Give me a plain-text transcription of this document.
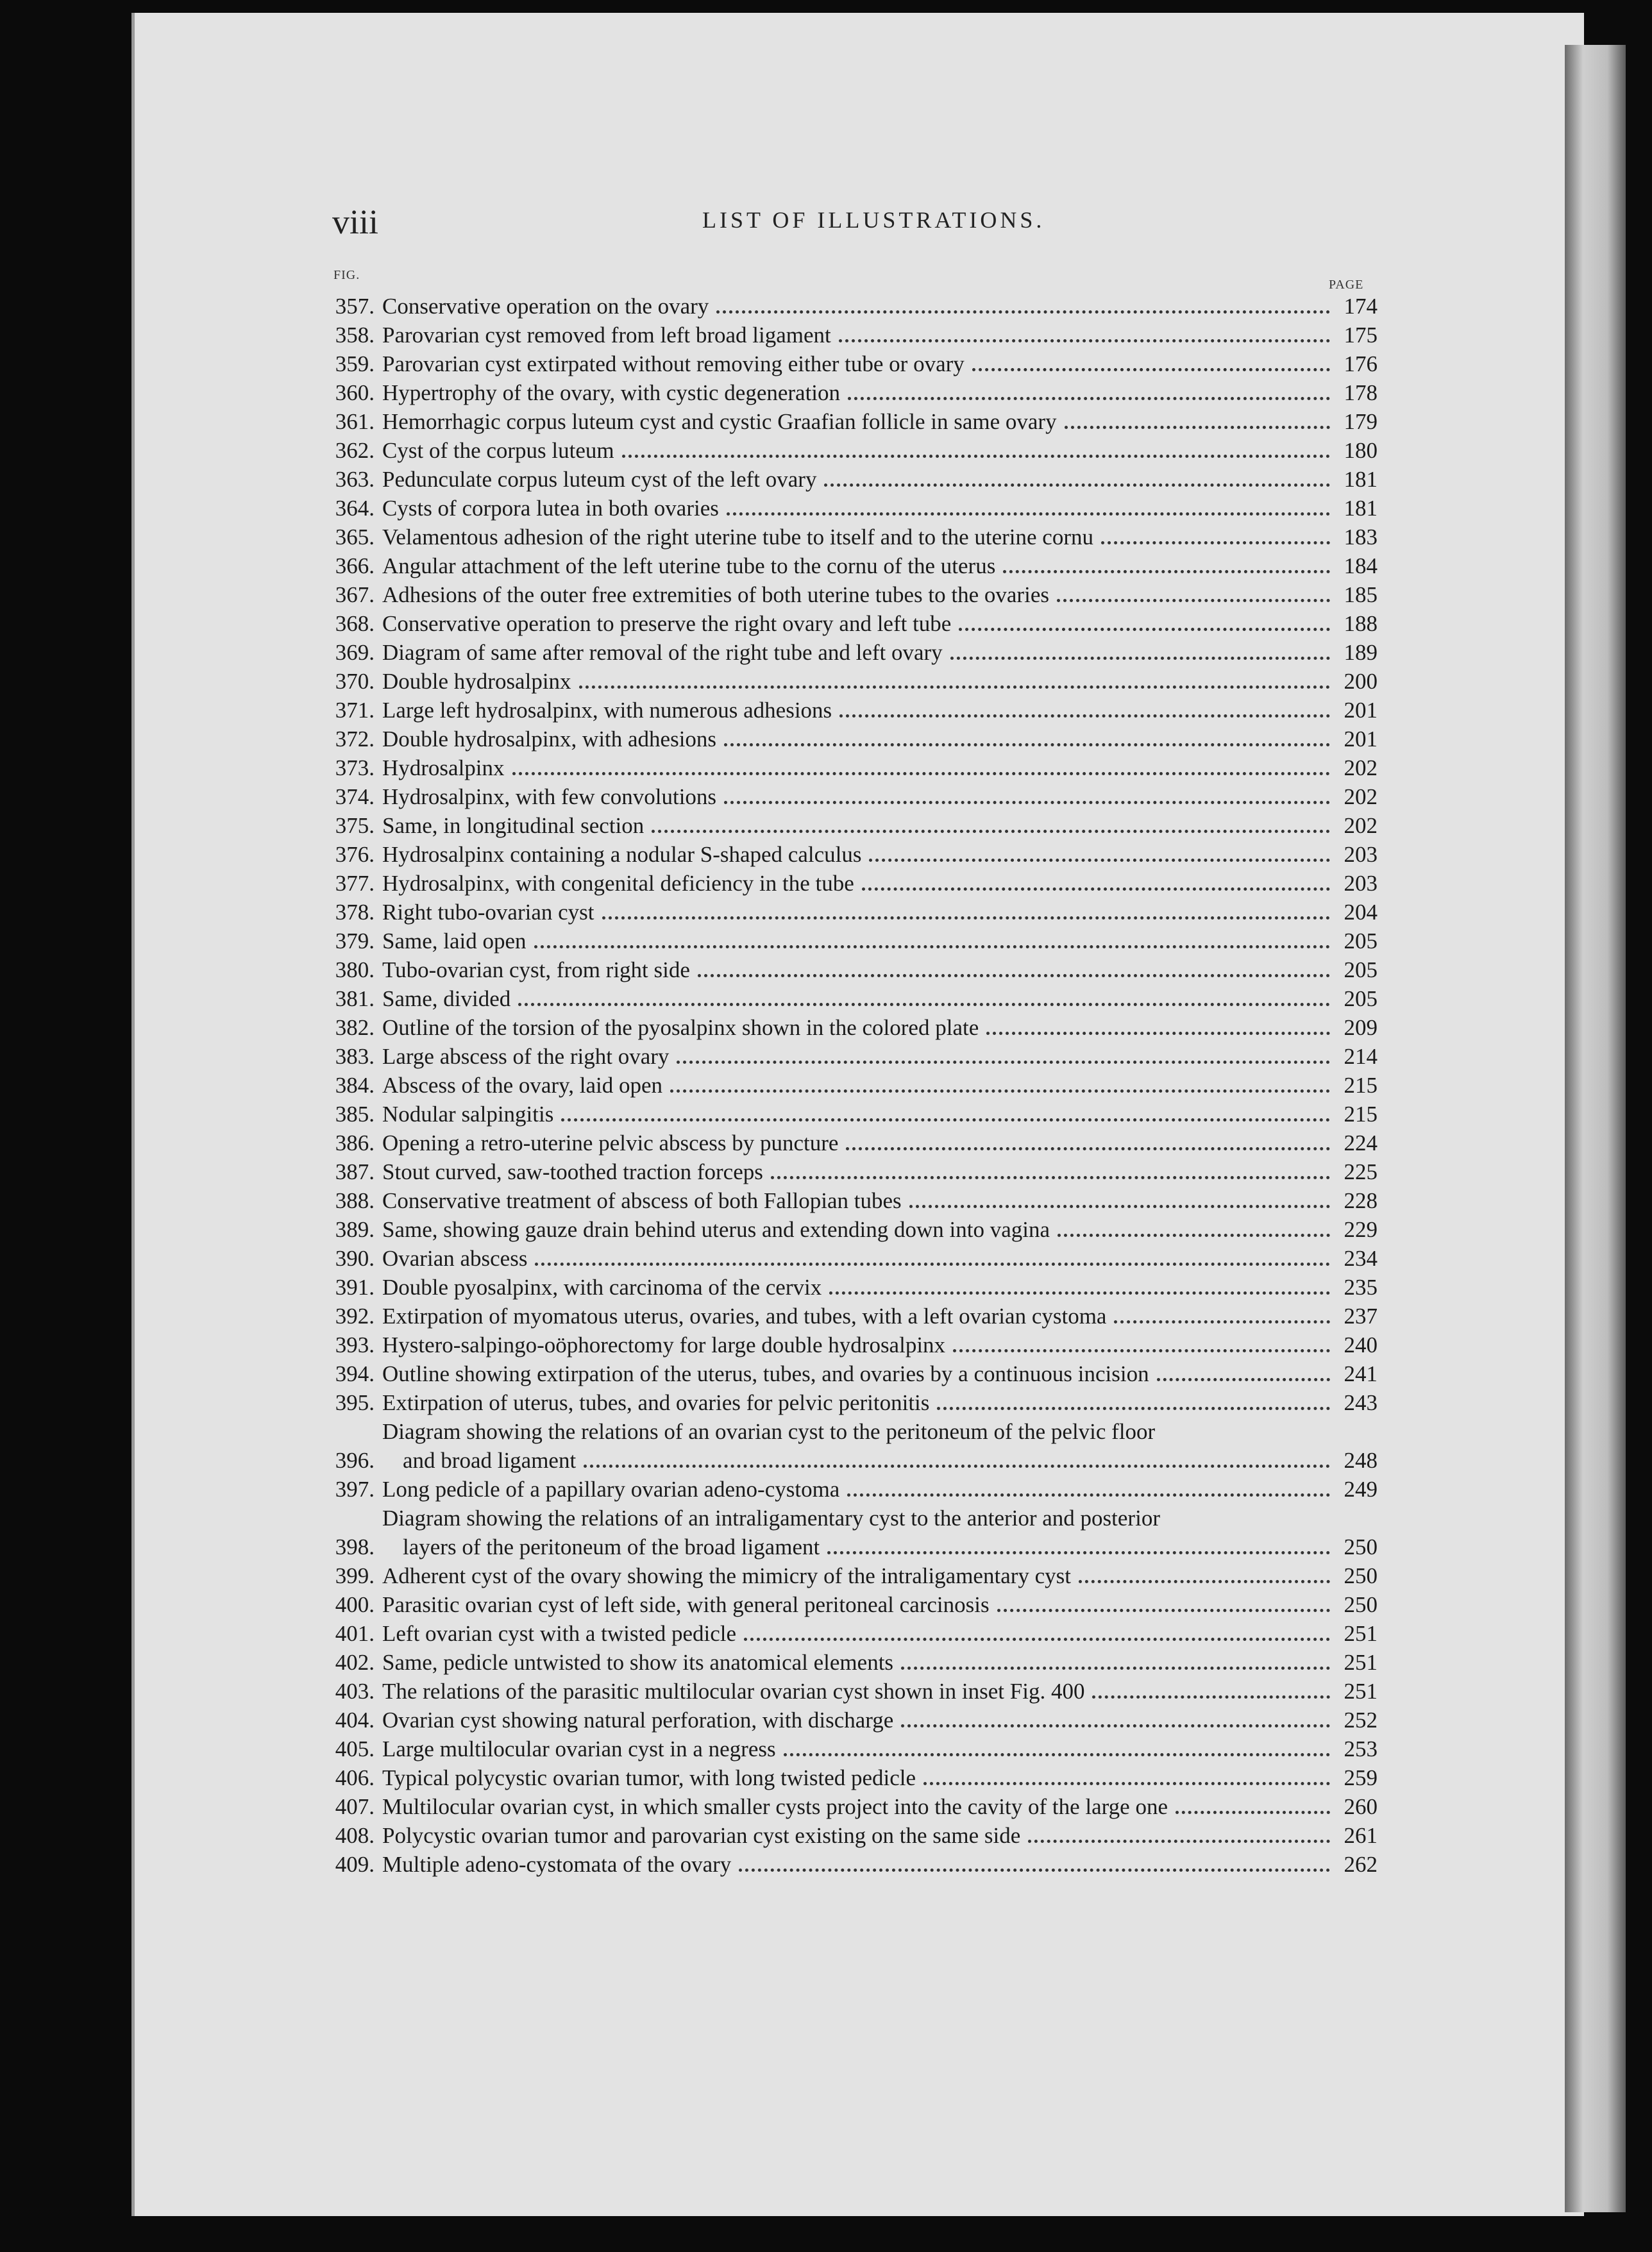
viii	LIST OF ILLUSTRATIONS.
FIG.
PAGE
357. Conservative operation on the ovary	174
358. Parovarian cyst removed from left broad ligament	175
359. Parovarian cyst extirpated without removing either tube or ovary	176
360. Hypertrophy of the ovary, with cystic degeneration	178
361. Hemorrhagic corpus luteum cyst and cystic Graafian follicle in same ovary	179
362. Cyst of the corpus luteum	180
363. Pedunculate corpus luteum cyst of the left ovary	181
364. Cysts of corpora lutea in both ovaries	181
365. Velamentous adhesion of the right uterine tube to itself and to the uterine cornu	183
366. Angular attachment of the left uterine tube to the cornu of the uterus	184
367. Adhesions of the outer free extremities of both uterine tubes to the ovaries	185
368. Conservative operation to preserve the right ovary and left tube	188
369. Diagram of same after removal of the right tube and left ovary	189
370. Double hydrosalpinx	200
371. Large left hydrosalpinx, with numerous adhesions	201
372. Double hydrosalpinx, with adhesions	201
373. Hydrosalpinx	202
374. Hydrosalpinx, with few convolutions	202
375. Same, in longitudinal section	202
376. Hydrosalpinx containing a nodular S-shaped calculus	203
377. Hydrosalpinx, with congenital deficiency in the tube	203
378. Right tubo-ovarian cyst	204
379. Same, laid open	205
380. Tubo-ovarian cyst, from right side	205
381. Same, divided	205
382. Outline of the torsion of the pyosalpinx shown in the colored plate	209
383. Large abscess of the right ovary	214
384. Abscess of the ovary, laid open	215
385. Nodular salpingitis	215
386. Opening a retro-uterine pelvic abscess by puncture	224
387. Stout curved, saw-toothed traction forceps	225
388. Conservative treatment of abscess of both Fallopian tubes	228
389. Same, showing gauze drain behind uterus and extending down into vagina	229
390. Ovarian abscess	234
391. Double pyosalpinx, with carcinoma of the cervix	235
392. Extirpation of myomatous uterus, ovaries, and tubes, with a left ovarian cystoma	237
393. Hystero-salpingo-oöphorectomy for large double hydrosalpinx	240
394. Outline showing extirpation of the uterus, tubes, and ovaries by a continuous incision	241
395. Extirpation of uterus, tubes, and ovaries for pelvic peritonitis	243
396.
Diagram showing the relations of an ovarian cyst to the peritoneum of the pelvic floor
and broad ligament	248
397. Long pedicle of a papillary ovarian adeno-cystoma	249
398.
Diagram showing the relations of an intraligamentary cyst to the anterior and posterior
layers of the peritoneum of the broad ligament	250
399. Adherent cyst of the ovary showing the mimicry of the intraligamentary cyst	250
400. Parasitic ovarian cyst of left side, with general peritoneal carcinosis	250
401. Left ovarian cyst with a twisted pedicle	251
402. Same, pedicle untwisted to show its anatomical elements	251
403. The relations of the parasitic multilocular ovarian cyst shown in inset Fig. 400	251
404. Ovarian cyst showing natural perforation, with discharge	252
405. Large multilocular ovarian cyst in a negress	253
406. Typical polycystic ovarian tumor, with long twisted pedicle	259
407. Multilocular ovarian cyst, in which smaller cysts project into the cavity of the large one	260
408. Polycystic ovarian tumor and parovarian cyst existing on the same side	261
409. Multiple adeno-cystomata of the ovary	262
